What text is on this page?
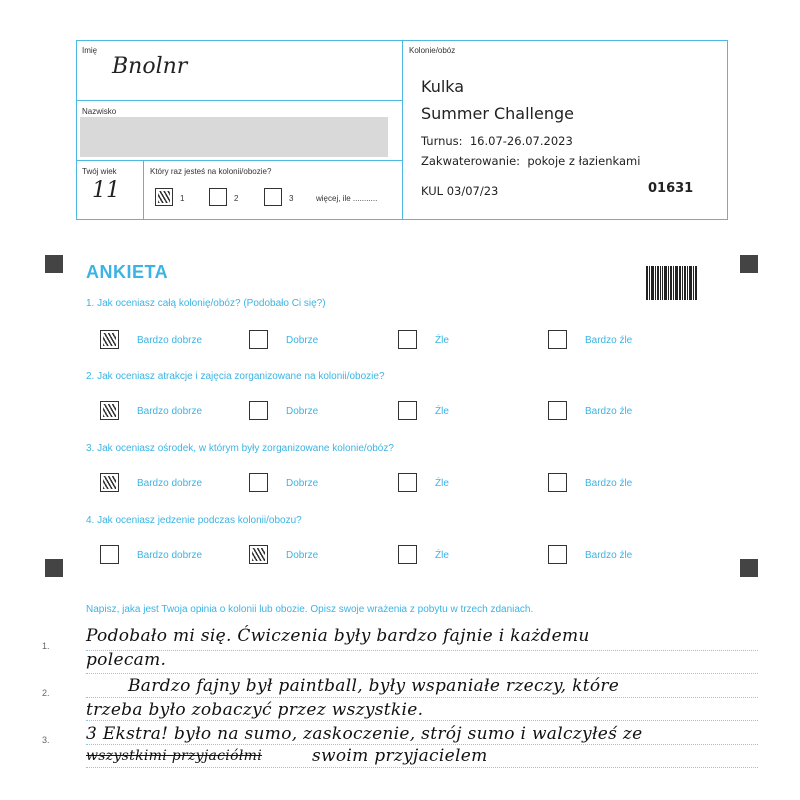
Imię
Bnolnr
Nazwisko
Twój wiek
11
Który raz jesteś na kolonii/obozie?
1	2	3	więcej, ile ...........
Kolonie/obóz
Kulka
Summer Challenge
Turnus: 16.07-26.07.2023
Zakwaterowanie: pokoje z łazienkami
KUL 03/07/23	01631
ANKIETA
1. Jak oceniasz całą kolonię/obóz? (Podobało Ci się?)
2. Jak oceniasz atrakcje i zajęcia zorganizowane na kolonii/obozie?
3. Jak oceniasz ośrodek, w którym były zorganizowane kolonie/obóz?
4. Jak oceniasz jedzenie podczas kolonii/obozu?
Bardzo dobrze	Dobrze	Źle	Bardzo źle
Bardzo dobrze	Dobrze	Źle	Bardzo źle
Bardzo dobrze	Dobrze	Źle	Bardzo źle
Bardzo dobrze	Dobrze	Źle	Bardzo źle
Napisz, jaka jest Twoja opinia o kolonii lub obozie. Opisz swoje wrażenia z pobytu w trzech zdaniach.
1.
2.
3.
Podobało mi się. Ćwiczenia były bardzo fajnie i każdemu
polecam.
Bardzo fajny był paintball, były wspaniałe rzeczy, które
trzeba było zobaczyć przez wszystkie.
3 Ekstra! było na sumo, zaskoczenie, strój sumo i walczyłeś ze
wszystkimi przyjaciółmi	swoim przyjacielem
